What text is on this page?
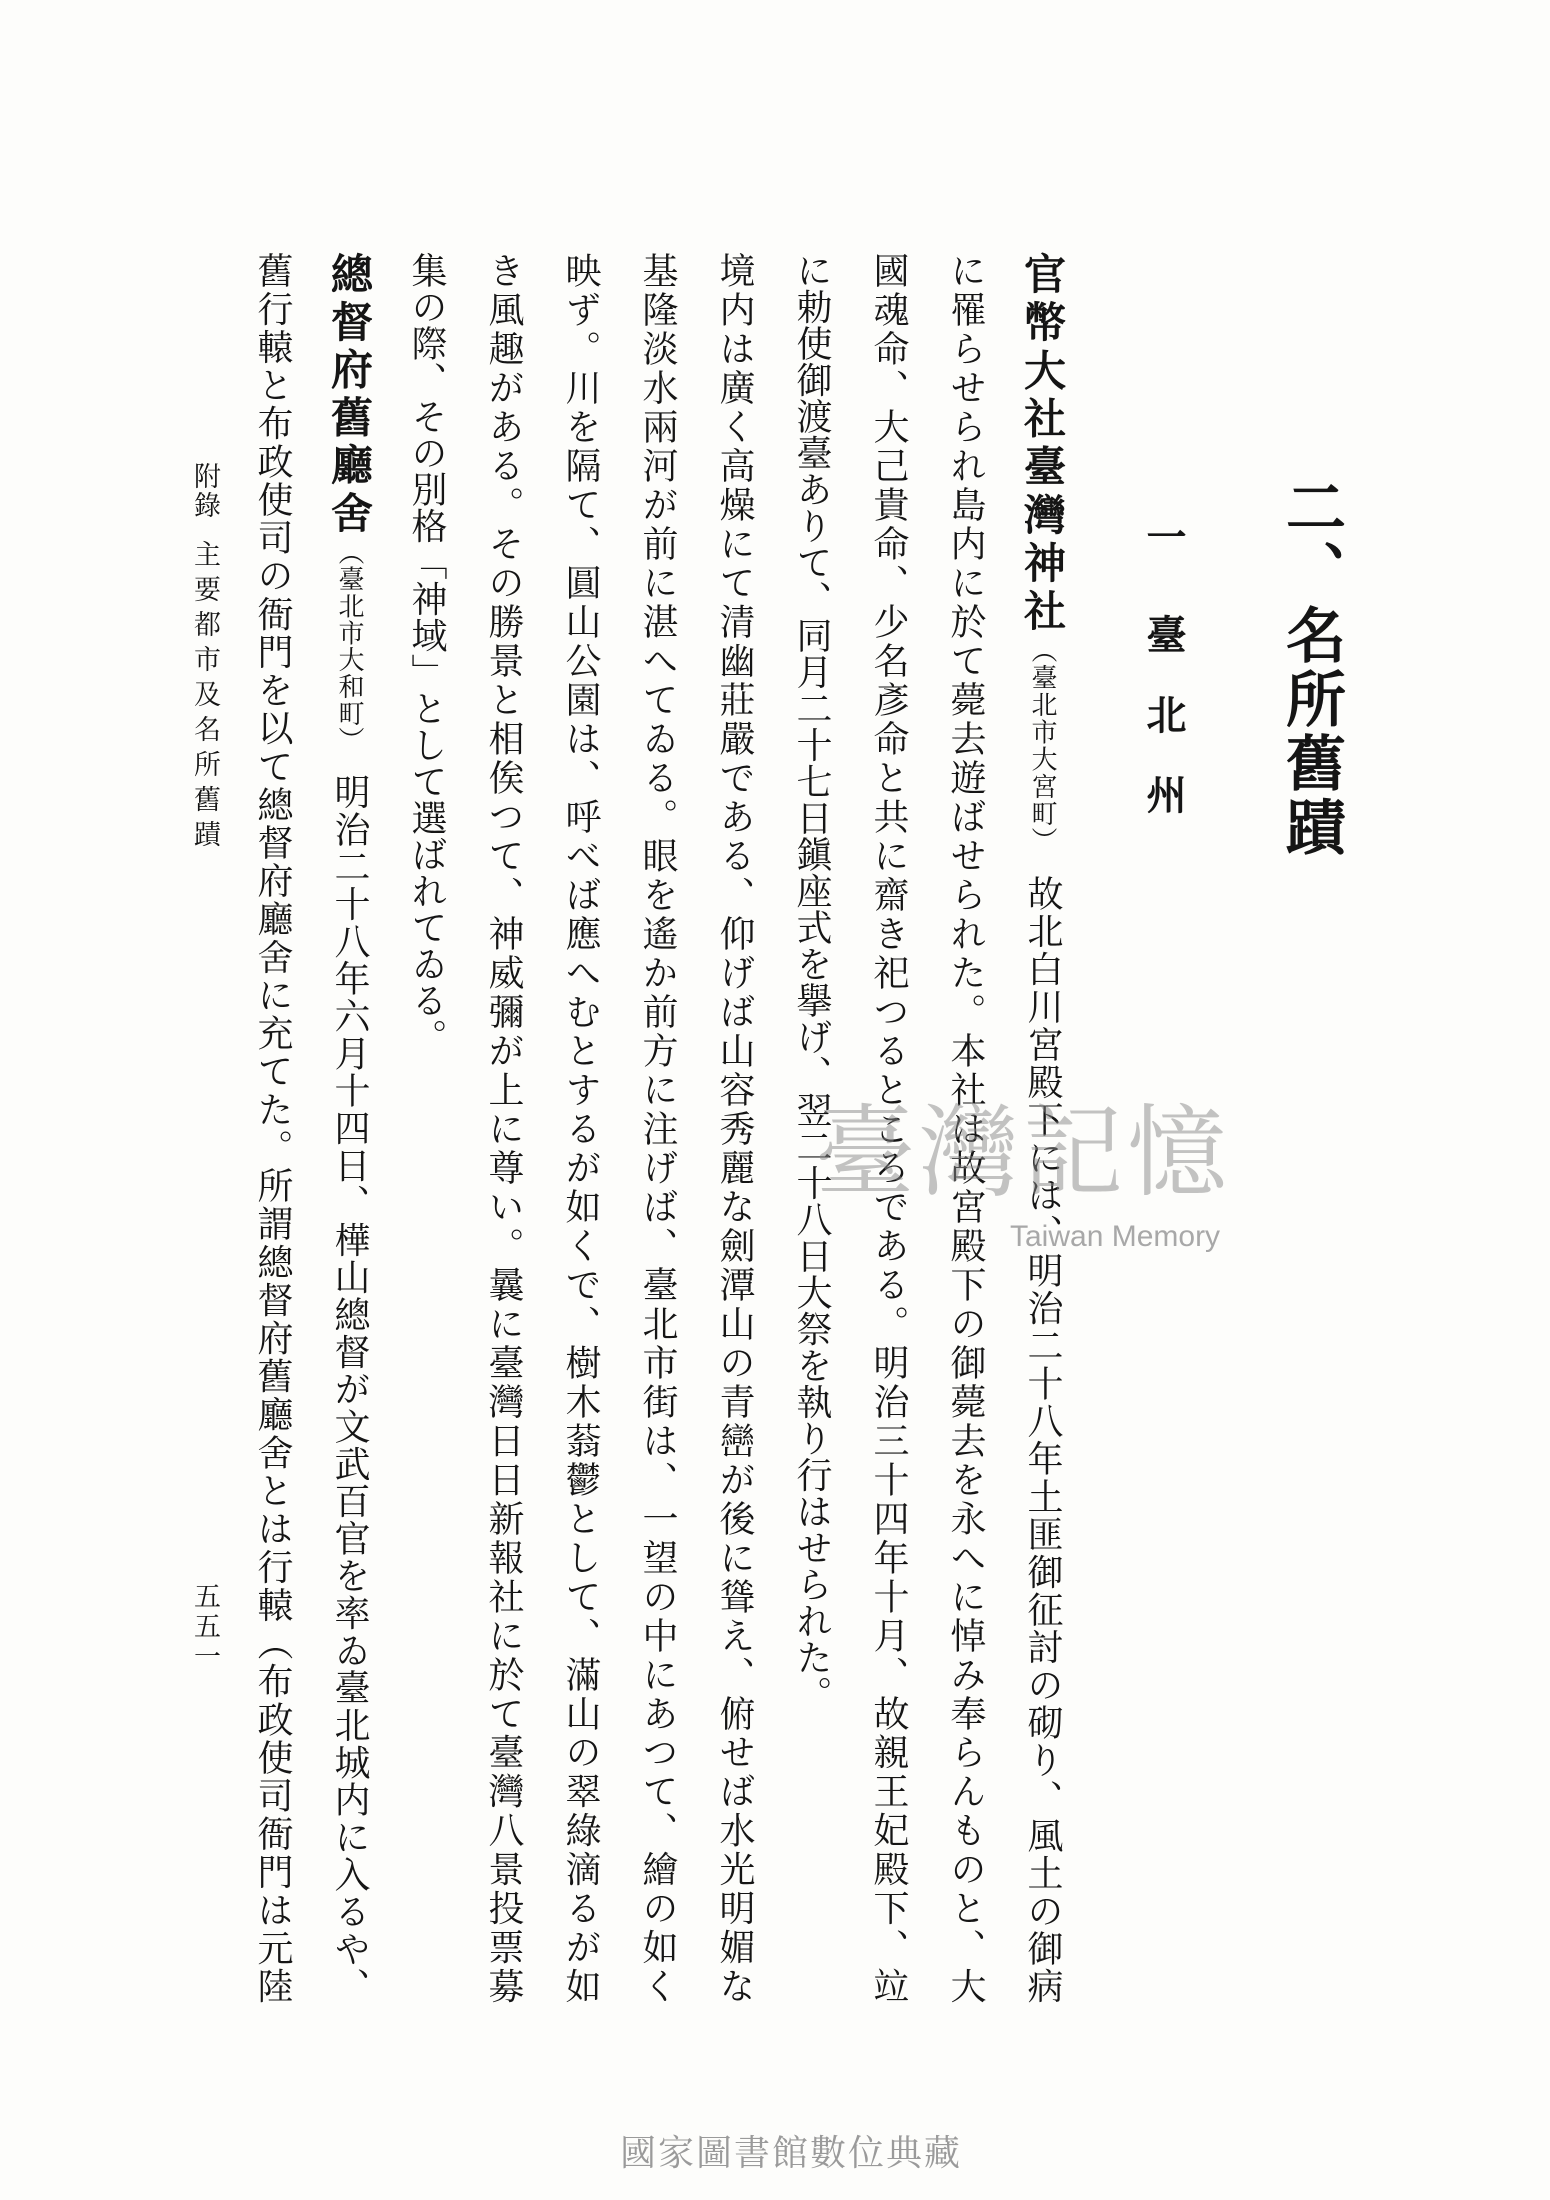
二、名所舊蹟
一臺北州

官幣大社臺灣神社（臺北市大宮町）故北白川宮殿下には、明治二十八年土匪御征討の砌り、風土の御病

に罹らせられ島内に於て薨去遊ばせられた。本社は故宮殿下の御薨去を永へに悼み奉らんものと、大

國魂命、大己貴命、少名彥命と共に齋き祀つるところである。明治三十四年十月、故親王妃殿下、竝

に勅使御渡臺ありて、同月二十七日鎭座式を擧げ、翌二十八日大祭を執り行はせられた。

境内は廣く高燥にて清幽莊嚴である、仰げば山容秀麗な劍潭山の青巒が後に聳え、俯せば水光明媚な

基隆淡水兩河が前に湛へてゐる。眼を遙か前方に注げば、臺北市街は、一望の中にあつて、繪の如く

映ず。川を隔て、圓山公園は、呼べば應へむとするが如くで、樹木蓊鬱として、滿山の翠綠滴るが如

き風趣がある。その勝景と相俟つて、神威彌が上に尊い。曩に臺灣日日新報社に於て臺灣八景投票募

集の際、その別格「神域」として選ばれてゐる。

總督府舊廳舍（臺北市大和町）明治二十八年六月十四日、樺山總督が文武百官を率ゐ臺北城内に入るや、

舊行轅と布政使司の衙門を以て總督府廳舍に充てた。所謂總督府舊廳舍とは行轅（布政使司衙門は元陸

附錄主要都市及名所舊蹟
五五一
臺灣記憶
Taiwan Memory
國家圖書館數位典藏
